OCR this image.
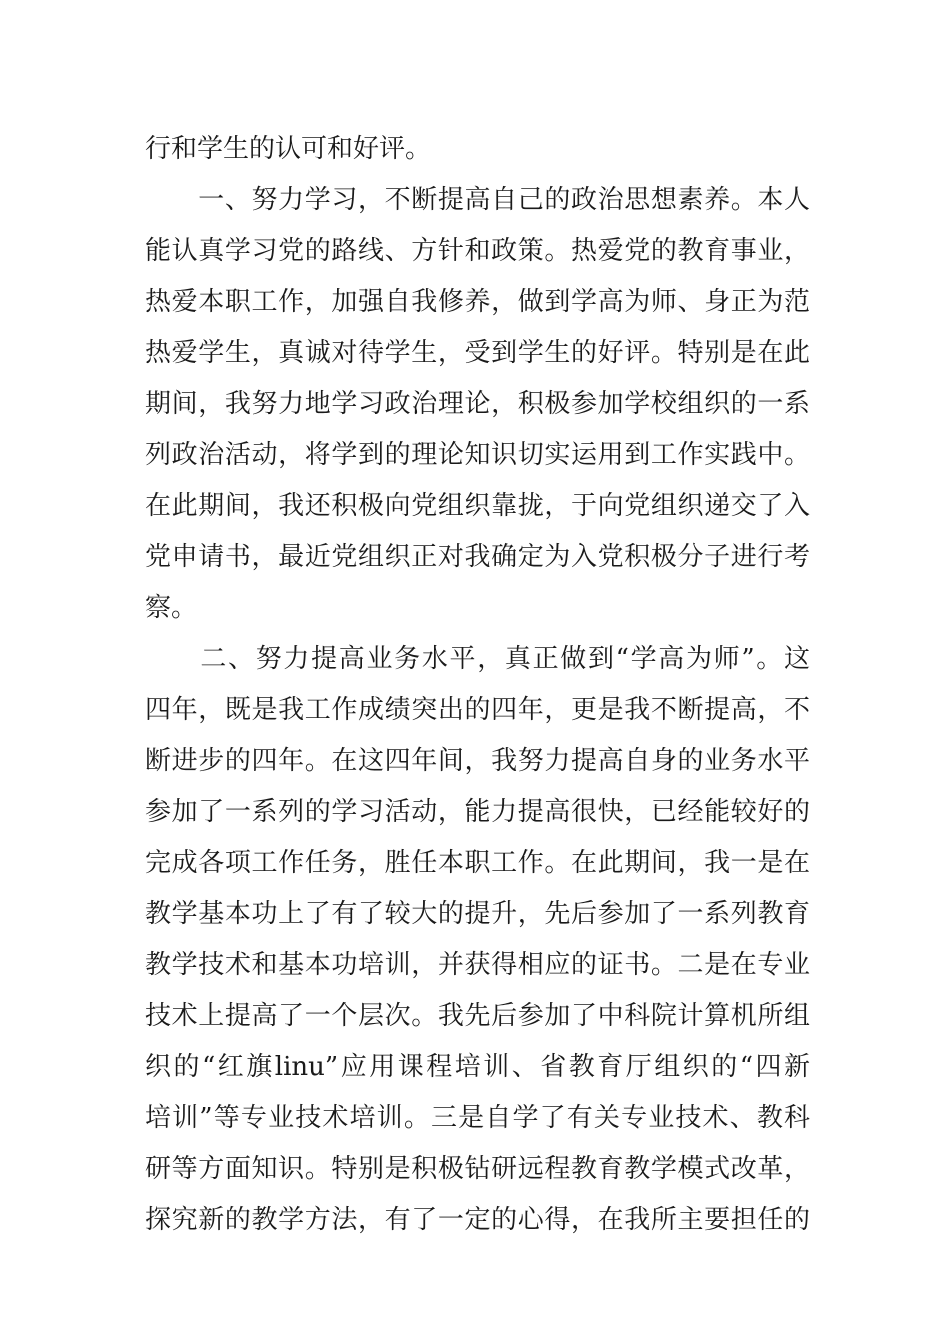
行和学生的认可和好评。
　　一、努力学习，不断提高自己的政治思想素养。本人
能认真学习党的路线、方针和政策。热爱党的教育事业，
热爱本职工作，加强自我修养，做到学高为师、身正为范
热爱学生，真诚对待学生，受到学生的好评。特别是在此
期间，我努力地学习政治理论，积极参加学校组织的一系
列政治活动，将学到的理论知识切实运用到工作实践中。
在此期间，我还积极向党组织靠拢，于向党组织递交了入
党申请书，最近党组织正对我确定为入党积极分子进行考
察。
　　二、努力提高业务水平，真正做到“学高为师”。这
四年，既是我工作成绩突出的四年，更是我不断提高，不
断进步的四年。在这四年间，我努力提高自身的业务水平
参加了一系列的学习活动，能力提高很快，已经能较好的
完成各项工作任务，胜任本职工作。在此期间，我一是在
教学基本功上了有了较大的提升，先后参加了一系列教育
教学技术和基本功培训，并获得相应的证书。二是在专业
技术上提高了一个层次。我先后参加了中科院计算机所组
织的“红旗linu”应用课程培训、省教育厅组织的“四新
培训”等专业技术培训。三是自学了有关专业技术、教科
研等方面知识。特别是积极钻研远程教育教学模式改革，
探究新的教学方法，有了一定的心得，在我所主要担任的
